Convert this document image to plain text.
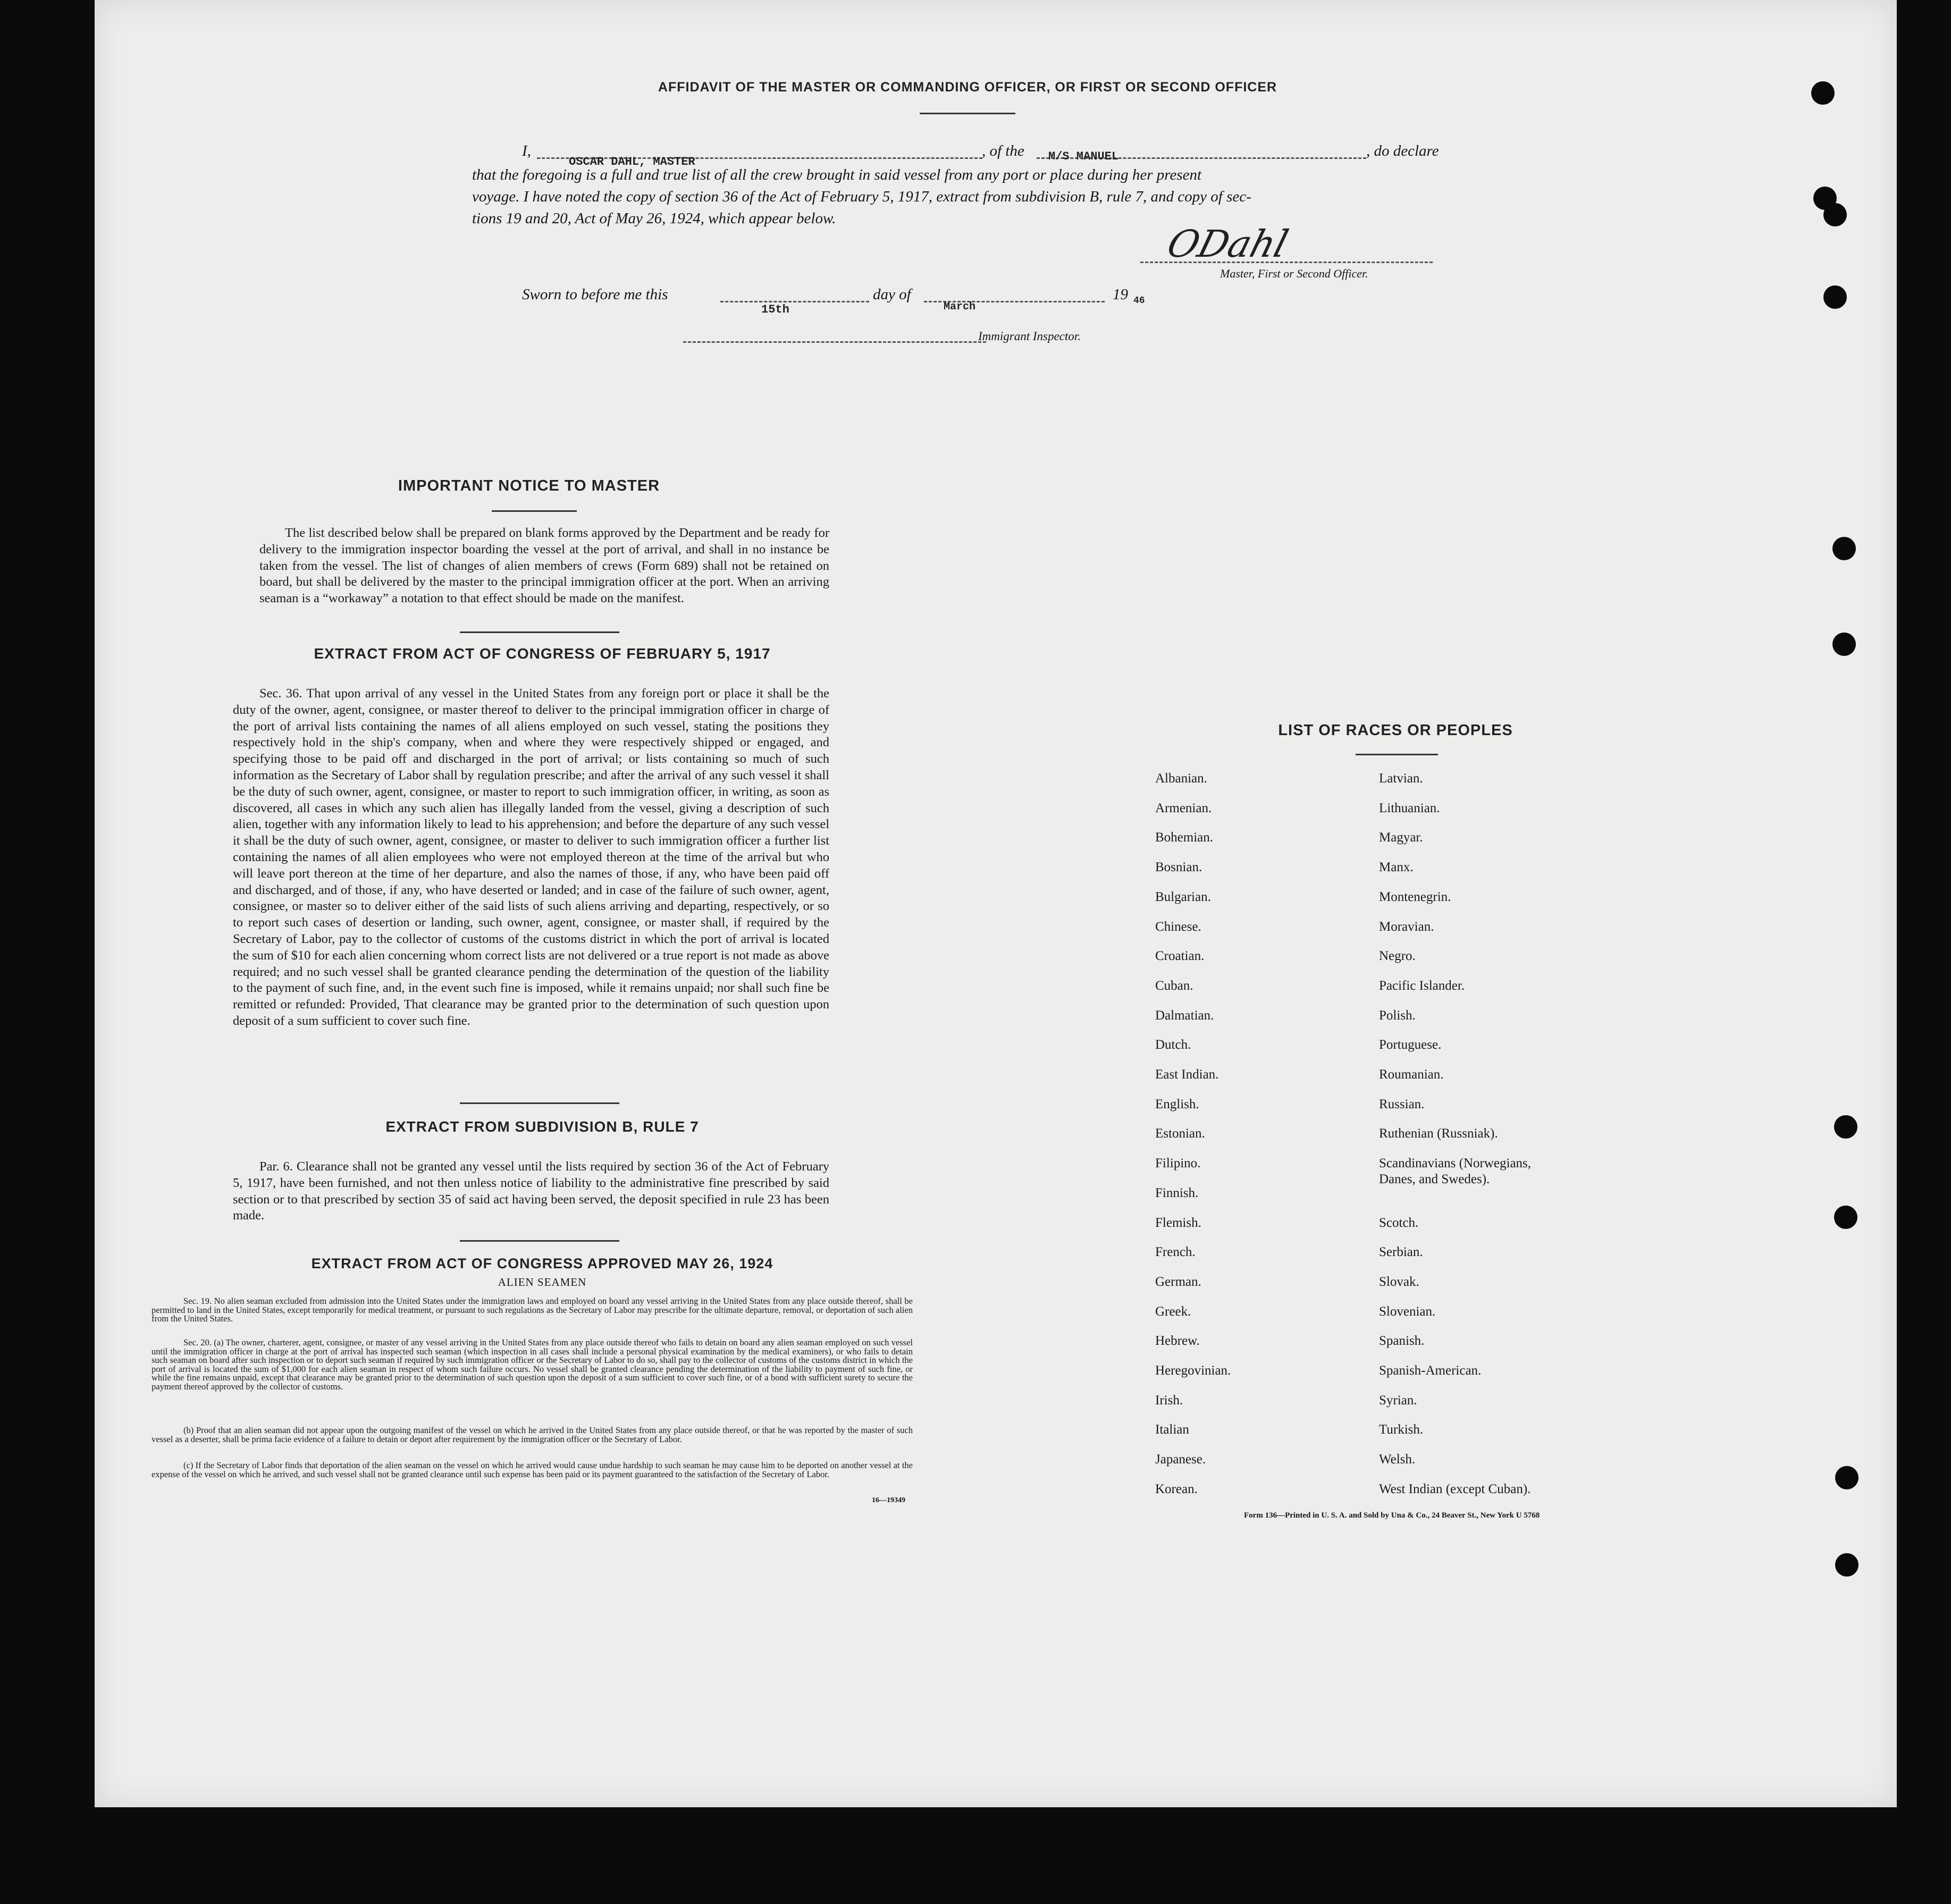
AFFIDAVIT OF THE MASTER OR COMMANDING OFFICER, OR FIRST OR SECOND OFFICER
I,
OSCAR DAHL, MASTER
, of the M/S MANUEL	, do declare
that the foregoing is a full and true list of all the crew brought in said vessel from any port or place during her present
voyage. I have noted the copy of section 36 of the Act of February 5, 1917, extract from subdivision B, rule 7, and copy of sec-
tions 19 and 20, Act of May 26, 1924, which appear below.
ODahl
Master, First or Second Officer.
Sworn to before me this
15th
day of
March
19 46
Immigrant Inspector.
IMPORTANT NOTICE TO MASTER
The list described below shall be prepared on blank forms approved by the Department and be ready for delivery to the immigration inspector boarding the vessel at the port of arrival, and shall in no instance be taken from the vessel. The list of changes of alien members of crews (Form 689) shall not be retained on board, but shall be delivered by the master to the principal immigration officer at the port. When an arriving seaman is a “workaway” a notation to that effect should be made on the manifest.
EXTRACT FROM ACT OF CONGRESS OF FEBRUARY 5, 1917
Sec. 36. That upon arrival of any vessel in the United States from any foreign port or place it shall be the duty of the owner, agent, consignee, or master thereof to deliver to the principal immigration officer in charge of the port of arrival lists containing the names of all aliens employed on such vessel, stating the positions they respectively hold in the ship's company, when and where they were respectively shipped or engaged, and specifying those to be paid off and discharged in the port of arrival; or lists containing so much of such information as the Secretary of Labor shall by regulation prescribe; and after the arrival of any such vessel it shall be the duty of such owner, agent, consignee, or master to report to such immigration officer, in writing, as soon as discovered, all cases in which any such alien has illegally landed from the vessel, giving a description of such alien, together with any information likely to lead to his apprehension; and before the departure of any such vessel it shall be the duty of such owner, agent, consignee, or master to deliver to such immigration officer a further list containing the names of all alien employees who were not employed thereon at the time of the arrival but who will leave port thereon at the time of her departure, and also the names of those, if any, who have been paid off and discharged, and of those, if any, who have deserted or landed; and in case of the failure of such owner, agent, consignee, or master so to deliver either of the said lists of such aliens arriving and departing, respectively, or so to report such cases of desertion or landing, such owner, agent, consignee, or master shall, if required by the Secretary of Labor, pay to the collector of customs of the customs district in which the port of arrival is located the sum of $10 for each alien concerning whom correct lists are not delivered or a true report is not made as above required; and no such vessel shall be granted clearance pending the determination of the question of the liability to the payment of such fine, and, in the event such fine is imposed, while it remains unpaid; nor shall such fine be remitted or refunded: Provided, That clearance may be granted prior to the determination of such question upon deposit of a sum sufficient to cover such fine.
EXTRACT FROM SUBDIVISION B, RULE 7
Par. 6. Clearance shall not be granted any vessel until the lists required by section 36 of the Act of February 5, 1917, have been furnished, and not then unless notice of liability to the administrative fine prescribed by said section or to that prescribed by section 35 of said act having been served, the deposit specified in rule 23 has been made.
EXTRACT FROM ACT OF CONGRESS APPROVED MAY 26, 1924
ALIEN SEAMEN
Sec. 19. No alien seaman excluded from admission into the United States under the immigration laws and employed on board any vessel arriving in the United States from any place outside thereof, shall be permitted to land in the United States, except temporarily for medical treatment, or pursuant to such regulations as the Secretary of Labor may prescribe for the ultimate departure, removal, or deportation of such alien from the United States.
Sec. 20. (a) The owner, charterer, agent, consignee, or master of any vessel arriving in the United States from any place outside thereof who fails to detain on board any alien seaman employed on such vessel until the immigration officer in charge at the port of arrival has inspected such seaman (which inspection in all cases shall include a personal physical examination by the medical examiners), or who fails to detain such seaman on board after such inspection or to deport such seaman if required by such immigration officer or the Secretary of Labor to do so, shall pay to the collector of customs of the customs district in which the port of arrival is located the sum of $1,000 for each alien seaman in respect of whom such failure occurs. No vessel shall be granted clearance pending the determination of the liability to payment of such fine, or while the fine remains unpaid, except that clearance may be granted prior to the determination of such question upon the deposit of a sum sufficient to cover such fine, or of a bond with sufficient surety to secure the payment thereof approved by the collector of customs.
(b) Proof that an alien seaman did not appear upon the outgoing manifest of the vessel on which he arrived in the United States from any place outside thereof, or that he was reported by the master of such vessel as a deserter, shall be prima facie evidence of a failure to detain or deport after requirement by the immigration officer or the Secretary of Labor.
(c) If the Secretary of Labor finds that deportation of the alien seaman on the vessel on which he arrived would cause undue hardship to such seaman he may cause him to be deported on another vessel at the expense of the vessel on which he arrived, and such vessel shall not be granted clearance until such expense has been paid or its payment guaranteed to the satisfaction of the Secretary of Labor.
16—19349
LIST OF RACES OR PEOPLES
Albanian.
Armenian.
Bohemian.
Bosnian.
Bulgarian.
Chinese.
Croatian.
Cuban.
Dalmatian.
Dutch.
East Indian.
English.
Estonian.
Filipino.
Finnish.
Flemish.
French.
German.
Greek.
Hebrew.
Heregovinian.
Irish.
Italian
Japanese.
Korean.
Latvian.
Lithuanian.
Magyar.
Manx.
Montenegrin.
Moravian.
Negro.
Pacific Islander.
Polish.
Portuguese.
Roumanian.
Russian.
Ruthenian (Russniak).
Scandinavians (Norwegians,
Danes, and Swedes).
Scotch.
Serbian.
Slovak.
Slovenian.
Spanish.
Spanish-American.
Syrian.
Turkish.
Welsh.
West Indian (except Cuban).
Form 136—Printed in U. S. A. and Sold by Una & Co., 24 Beaver St., New York U 5768
